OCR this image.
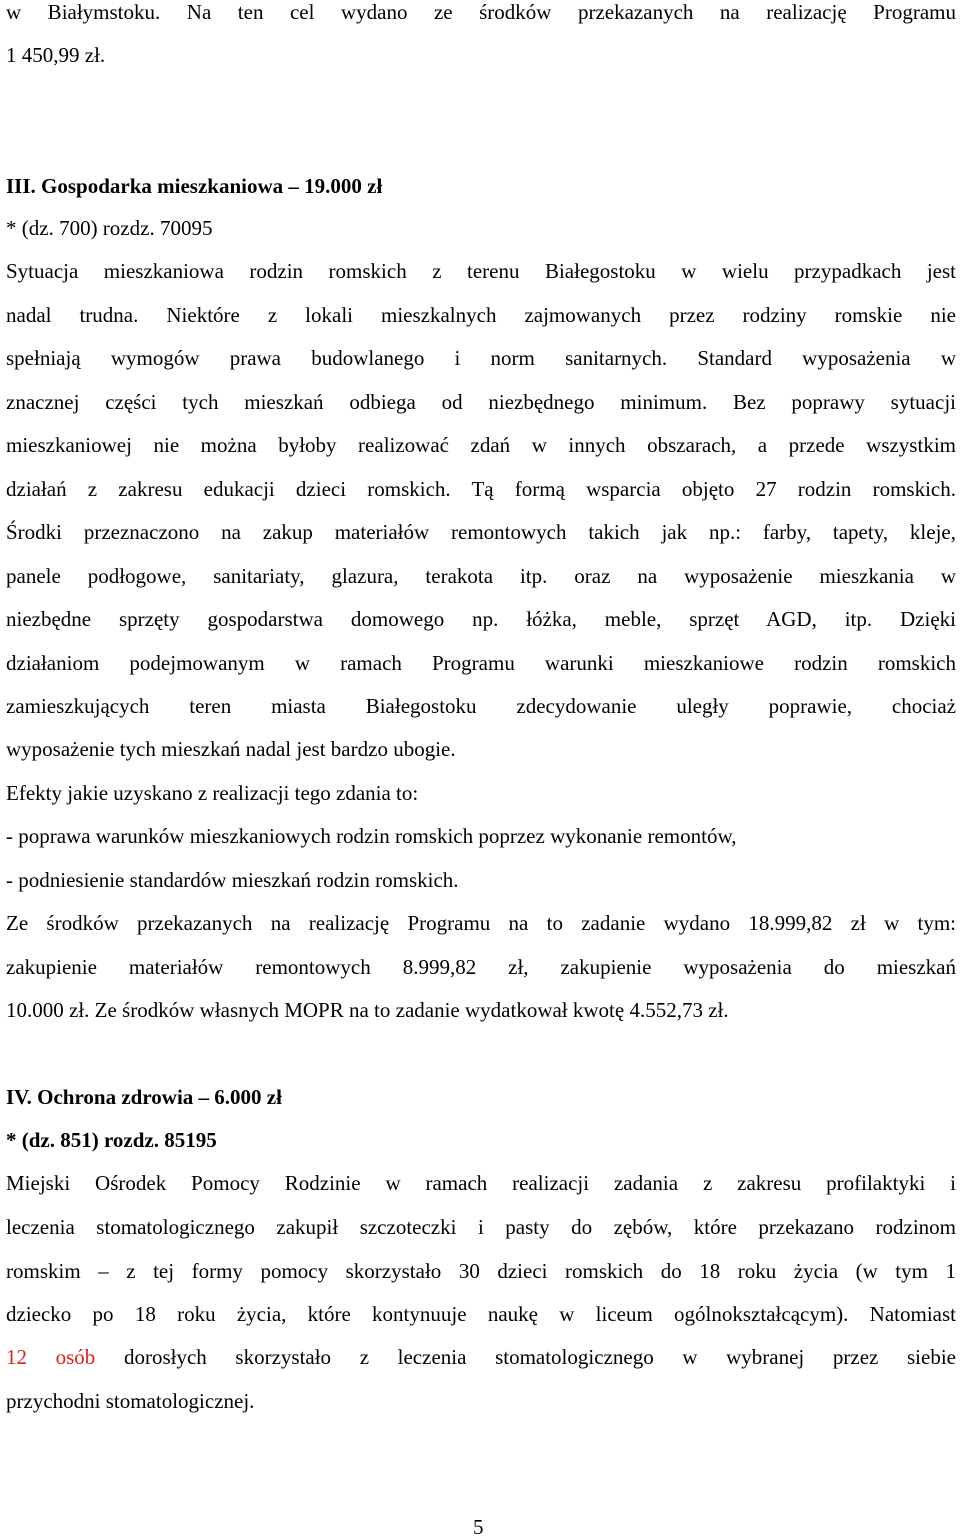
w Białymstoku. Na ten cel wydano ze środków przekazanych na realizację Programu
1 450,99 zł.
III. Gospodarka mieszkaniowa – 19.000 zł
* (dz. 700) rozdz. 70095
Sytuacja mieszkaniowa rodzin romskich z terenu Białegostoku w wielu przypadkach jest
nadal trudna. Niektóre z lokali mieszkalnych zajmowanych przez rodziny romskie nie
spełniają wymogów prawa budowlanego i norm sanitarnych. Standard wyposażenia w
znacznej części tych mieszkań odbiega od niezbędnego minimum. Bez poprawy sytuacji
mieszkaniowej nie można byłoby realizować zdań w innych obszarach, a przede wszystkim
działań z zakresu edukacji dzieci romskich. Tą formą wsparcia objęto 27 rodzin romskich.
Środki przeznaczono na zakup materiałów remontowych takich jak np.: farby, tapety, kleje,
panele podłogowe, sanitariaty, glazura, terakota itp. oraz na wyposażenie mieszkania w
niezbędne sprzęty gospodarstwa domowego np. łóżka, meble, sprzęt AGD, itp. Dzięki
działaniom podejmowanym w ramach Programu warunki mieszkaniowe rodzin romskich
zamieszkujących teren miasta Białegostoku zdecydowanie uległy poprawie, chociaż
wyposażenie tych mieszkań nadal jest bardzo ubogie.
Efekty jakie uzyskano z realizacji tego zdania to:
- poprawa warunków mieszkaniowych rodzin romskich poprzez wykonanie remontów,
- podniesienie standardów mieszkań rodzin romskich.
Ze środków przekazanych na realizację Programu na to zadanie wydano 18.999,82 zł w tym:
zakupienie materiałów remontowych 8.999,82 zł, zakupienie wyposażenia do mieszkań
10.000 zł. Ze środków własnych MOPR na to zadanie wydatkował kwotę 4.552,73 zł.
IV. Ochrona zdrowia – 6.000 zł
* (dz. 851) rozdz. 85195
Miejski Ośrodek Pomocy Rodzinie w ramach realizacji zadania z zakresu profilaktyki i
leczenia stomatologicznego zakupił szczoteczki i pasty do zębów, które przekazano rodzinom
romskim – z tej formy pomocy skorzystało 30 dzieci romskich do 18 roku życia (w tym 1
dziecko po 18 roku życia, które kontynuuje naukę w liceum ogólnokształcącym). Natomiast
12 osób dorosłych skorzystało z leczenia stomatologicznego w wybranej przez siebie
przychodni stomatologicznej.
5
